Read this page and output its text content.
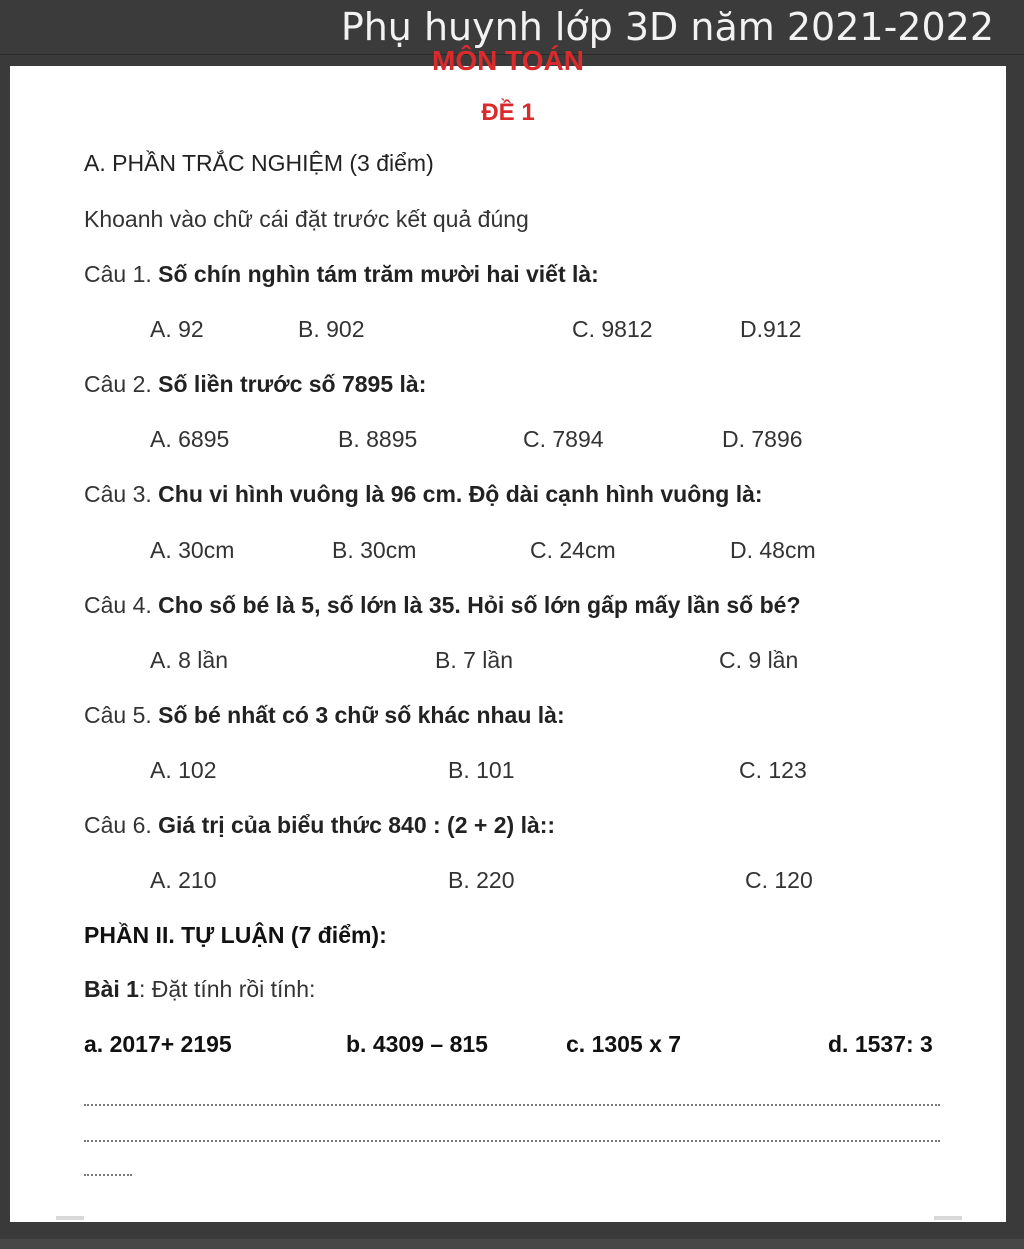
Phụ huynh lớp 3D năm 2021-2022
MÔN TOÁN
ĐỀ 1
A. PHẦN TRẮC NGHIỆM (3 điểm)
Khoanh vào chữ cái đặt trước kết quả đúng
Câu 1. Số chín nghìn tám trăm mười hai viết là:
A. 92	B. 902	C. 9812	D.912
Câu 2. Số liền trước số 7895 là:
A. 6895	B. 8895	C. 7894	D. 7896
Câu 3. Chu vi hình vuông là 96 cm. Độ dài cạnh hình vuông là:
A. 30cm	B. 30cm	C. 24cm	D. 48cm
Câu 4. Cho số bé là 5, số lớn là 35. Hỏi số lớn gấp mấy lần số bé?
A. 8 lần	B. 7 lần	C. 9 lần
Câu 5. Số bé nhất có 3 chữ số khác nhau là:
A. 102	B. 101	C. 123
Câu 6. Giá trị của biểu thức 840 : (2 + 2) là::
A. 210	B. 220	C. 120
PHẦN II. TỰ LUẬN (7 điểm):
Bài 1: Đặt tính rồi tính:
a. 2017+ 2195	b. 4309 – 815	c. 1305 x 7	d. 1537: 3
